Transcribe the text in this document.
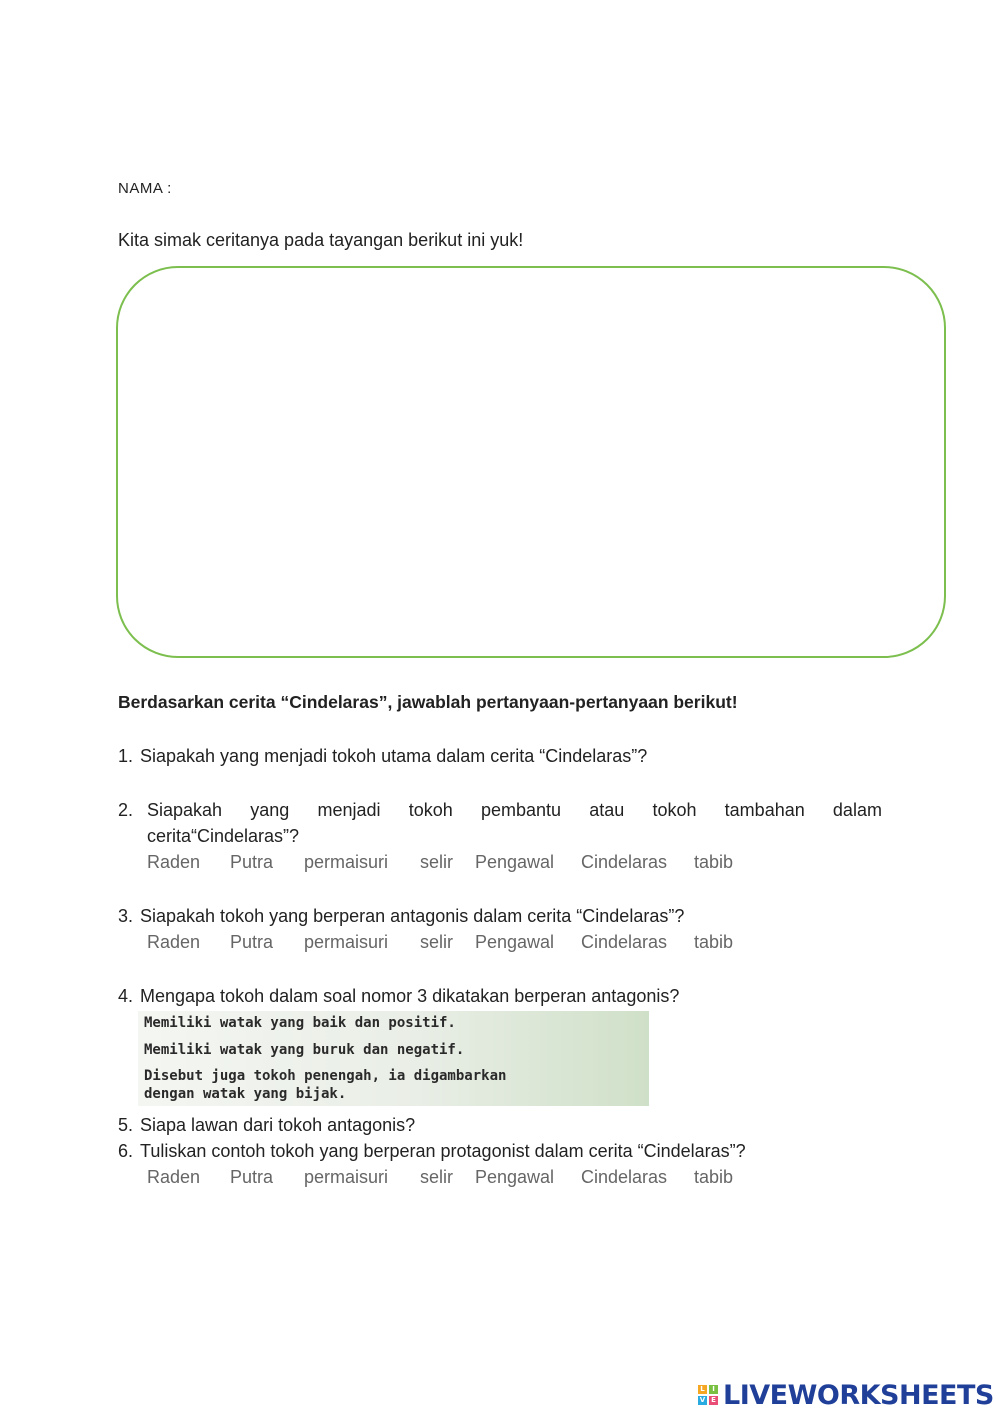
NAMA :
Kita simak ceritanya pada tayangan berikut ini yuk!
Berdasarkan cerita “Cindelaras”, jawablah pertanyaan-pertanyaan berikut!
1. Siapakah yang menjadi tokoh utama dalam cerita “Cindelaras”?
2. Siapakah yang menjadi tokoh pembantu atau tokoh tambahan dalam
cerita“Cindelaras”?
Raden Putra permaisuri selir Pengawal Cindelaras tabib
3. Siapakah tokoh yang berperan antagonis dalam cerita “Cindelaras”?
Raden Putra permaisuri selir Pengawal Cindelaras tabib
4. Mengapa tokoh dalam soal nomor 3 dikatakan berperan antagonis?
Memiliki watak yang baik dan positif.
Memiliki watak yang buruk dan negatif.
Disebut juga tokoh penengah, ia digambarkan
dengan watak yang bijak.
5. Siapa lawan dari tokoh antagonis?
6. Tuliskan contoh tokoh yang berperan protagonist dalam cerita “Cindelaras”?
Raden Putra permaisuri selir Pengawal Cindelaras tabib
L	I
V E LIVEWORKSHEETS
